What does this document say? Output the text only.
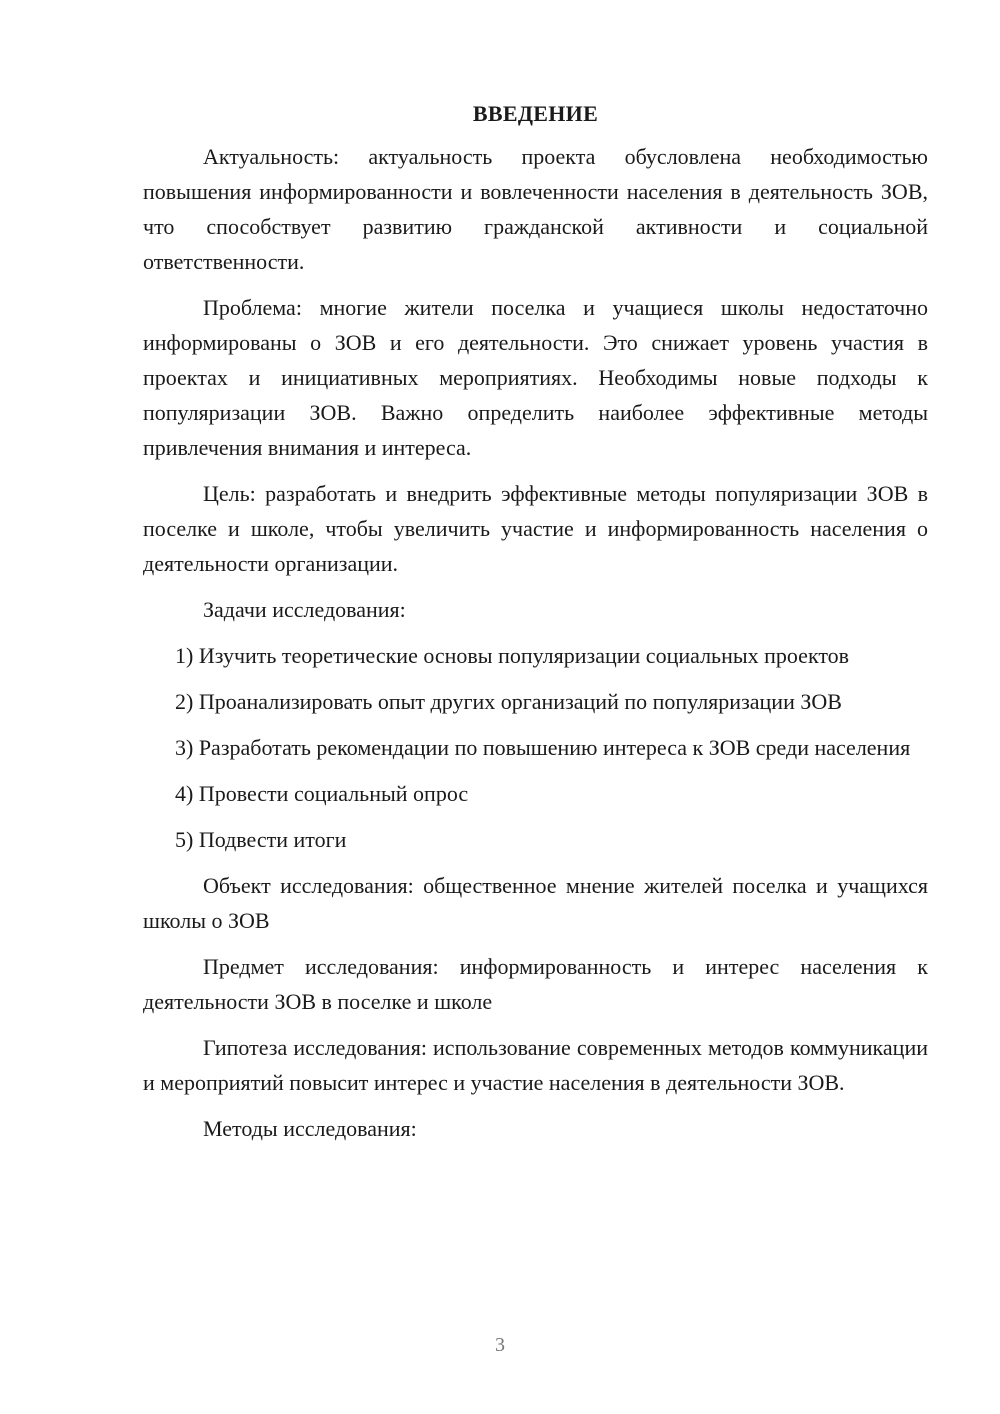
ВВЕДЕНИЕ

Актуальность: актуальность проекта обусловлена необходимостью повышения информированности и вовлеченности населения в деятельность ЗОВ, что способствует развитию гражданской активности и социальной ответственности.

Проблема: многие жители поселка и учащиеся школы недостаточно информированы о ЗОВ и его деятельности. Это снижает уровень участия в проектах и инициативных мероприятиях. Необходимы новые подходы к популяризации ЗОВ. Важно определить наиболее эффективные методы привлечения внимания и интереса.

Цель: разработать и внедрить эффективные методы популяризации ЗОВ в поселке и школе, чтобы увеличить участие и информированность населения о деятельности организации.

Задачи исследования:

1) Изучить теоретические основы популяризации социальных проектов

2) Проанализировать опыт других организаций по популяризации ЗОВ

3) Разработать рекомендации по повышению интереса к ЗОВ среди населения

4) Провести социальный опрос

5) Подвести итоги

Объект исследования: общественное мнение жителей поселка и учащихся школы о ЗОВ

Предмет исследования: информированность и интерес населения к деятельности ЗОВ в поселке и школе

Гипотеза исследования: использование современных методов коммуникации и мероприятий повысит интерес и участие населения в деятельности ЗОВ.

Методы исследования:

3
